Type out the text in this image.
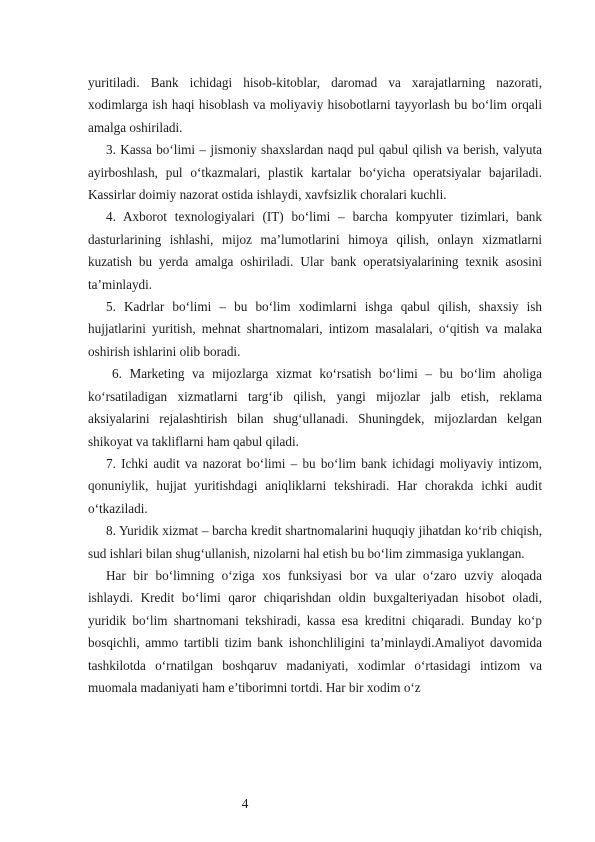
yuritiladi. Bank ichidagi hisob-kitoblar, daromad va xarajatlarning nazorati, xodimlarga ish haqi hisoblash va moliyaviy hisobotlarni tayyorlash bu bo‘lim orqali amalga oshiriladi.

3. Kassa bo‘limi – jismoniy shaxslardan naqd pul qabul qilish va berish, valyuta ayirboshlash, pul o‘tkazmalari, plastik kartalar bo‘yicha operatsiyalar bajariladi. Kassirlar doimiy nazorat ostida ishlaydi, xavfsizlik choralari kuchli.

4. Axborot texnologiyalari (IT) bo‘limi – barcha kompyuter tizimlari, bank dasturlarining ishlashi, mijoz ma’lumotlarini himoya qilish, onlayn xizmatlarni kuzatish bu yerda amalga oshiriladi. Ular bank operatsiyalarining texnik asosini ta’minlaydi.

5. Kadrlar bo‘limi – bu bo‘lim xodimlarni ishga qabul qilish, shaxsiy ish hujjatlarini yuritish, mehnat shartnomalari, intizom masalalari, o‘qitish va malaka oshirish ishlarini olib boradi.

6. Marketing va mijozlarga xizmat ko‘rsatish bo‘limi – bu bo‘lim aholiga ko‘rsatiladigan xizmatlarni targ‘ib qilish, yangi mijozlar jalb etish, reklama aksiyalarini rejalashtirish bilan shug‘ullanadi. Shuningdek, mijozlardan kelgan shikoyat va takliflarni ham qabul qiladi.

7. Ichki audit va nazorat bo‘limi – bu bo‘lim bank ichidagi moliyaviy intizom, qonuniylik, hujjat yuritishdagi aniqliklarni tekshiradi. Har chorakda ichki audit o‘tkaziladi.

8. Yuridik xizmat – barcha kredit shartnomalarini huquqiy jihatdan ko‘rib chiqish, sud ishlari bilan shug‘ullanish, nizolarni hal etish bu bo‘lim zimmasiga yuklangan.

Har bir bo‘limning o‘ziga xos funksiyasi bor va ular o‘zaro uzviy aloqada ishlaydi. Kredit bo‘limi qaror chiqarishdan oldin buxgalteriyadan hisobot oladi, yuridik bo‘lim shartnomani tekshiradi, kassa esa kreditni chiqaradi. Bunday ko‘p bosqichli, ammo tartibli tizim bank ishonchliligini ta’minlaydi.Amaliyot davomida tashkilotda o‘rnatilgan boshqaruv madaniyati, xodimlar o‘rtasidagi intizom va muomala madaniyati ham e’tiborimni tortdi. Har bir xodim o‘z

4
